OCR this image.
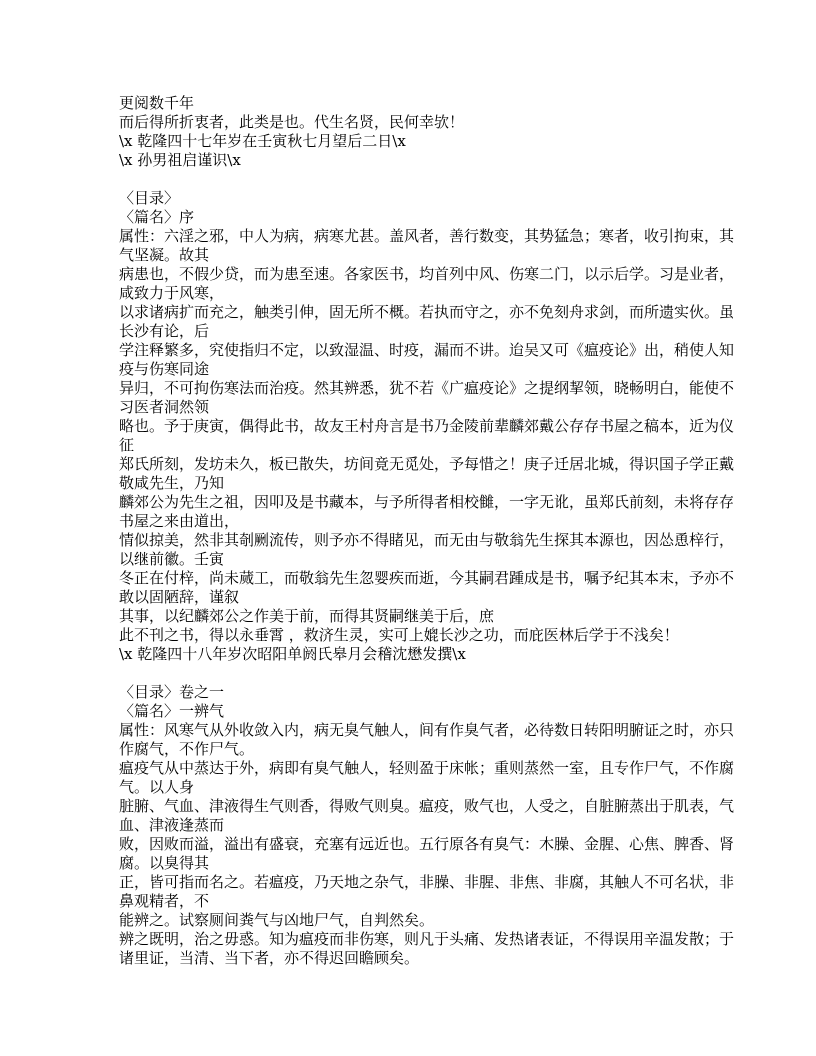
更阅数千年
而后得所折衷者，此类是也。代生名贤，民何幸欤！
\x 乾隆四十七年岁在壬寅秋七月望后二日\x
\x 孙男祖启谨识\x
〈目录〉
〈篇名〉序
属性：六淫之邪，中人为病，病寒尤甚。盖风者，善行数变，其势猛急；寒者，收引拘束，其
气坚凝。故其
病患也，不假少贷，而为患至速。各家医书，均首列中风、伤寒二门，以示后学。习是业者，
咸致力于风寒，
以求诸病扩而充之，触类引伸，固无所不概。若执而守之，亦不免刻舟求剑，而所遗实伙。虽
长沙有论，后
学注释繁多，究使指归不定，以致湿温、时疫，漏而不讲。迨吴又可《瘟疫论》出，稍使人知
疫与伤寒同途
异归，不可拘伤寒法而治疫。然其辨悉，犹不若《广瘟疫论》之提纲挈领，晓畅明白，能使不
习医者洞然领
略也。予于庚寅，偶得此书，故友王村舟言是书乃金陵前辈麟郊戴公存存书屋之稿本，近为仪
征
郑氏所刻，发坊未久，板已散失，坊间竟无觅处，予每惜之！庚子迁居北城，得识国子学正戴
敬咸先生，乃知
麟郊公为先生之祖，因叩及是书藏本，与予所得者相校雠，一字无讹，虽郑氏前刻，未将存存
书屋之来由道出，
情似掠美，然非其剞劂流传，则予亦不得睹见，而无由与敬翁先生探其本源也，因怂恿梓行，
以继前徽。壬寅
冬正在付梓，尚未蒇工，而敬翁先生忽婴疾而逝，今其嗣君踵成是书，嘱予纪其本末，予亦不
敢以固陋辞，谨叙
其事，以纪麟郊公之作美于前，而得其贤嗣继美于后，庶
此不刊之书，得以永垂霄 ，救济生灵，实可上媲长沙之功，而庇医林后学于不浅矣！
\x 乾隆四十八年岁次昭阳单阏氏皋月会稽沈懋发撰\x
〈目录〉卷之一
〈篇名〉一辨气
属性：风寒气从外收敛入内，病无臭气触人，间有作臭气者，必待数日转阳明腑证之时，亦只
作腐气，不作尸气。
瘟疫气从中蒸达于外，病即有臭气触人，轻则盈于床帐；重则蒸然一室，且专作尸气，不作腐
气。以人身
脏腑、气血、津液得生气则香，得败气则臭。瘟疫，败气也，人受之，自脏腑蒸出于肌表，气
血、津液逢蒸而
败，因败而溢，溢出有盛衰，充塞有远近也。五行原各有臭气：木臊、金腥、心焦、脾香、肾
腐。以臭得其
正，皆可指而名之。若瘟疫，乃天地之杂气，非臊、非腥、非焦、非腐，其触人不可名状，非
鼻观精者，不
能辨之。试察厕间粪气与凶地尸气，自判然矣。
辨之既明，治之毋惑。知为瘟疫而非伤寒，则凡于头痛、发热诸表证，不得误用辛温发散；于
诸里证，当清、当下者，亦不得迟回瞻顾矣。
